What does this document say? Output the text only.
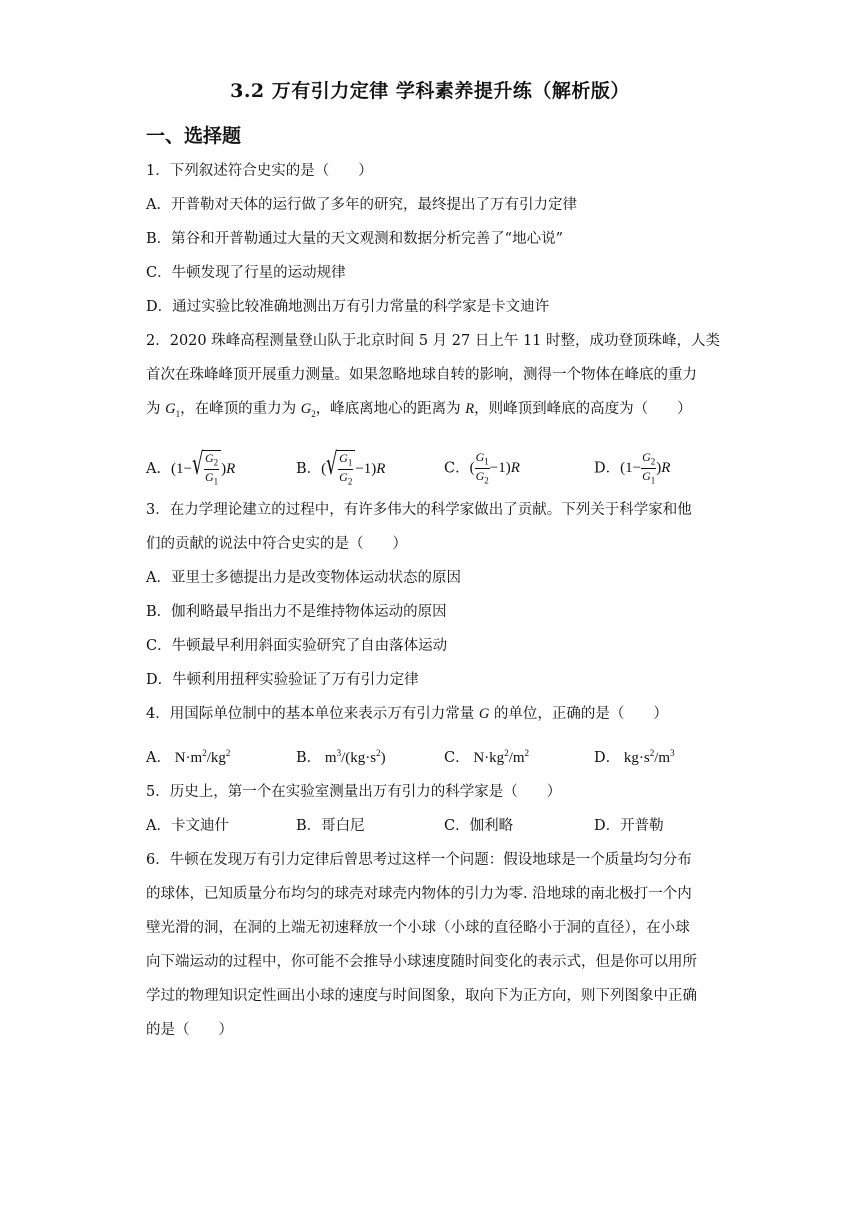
3.2 万有引力定律 学科素养提升练（解析版）
一、选择题
1．下列叙述符合史实的是（　　）
A．开普勒对天体的运行做了多年的研究，最终提出了万有引力定律
B．第谷和开普勒通过大量的天文观测和数据分析完善了“地心说”
C．牛顿发现了行星的运动规律
D．通过实验比较准确地测出万有引力常量的科学家是卡文迪许
2．2020 珠峰高程测量登山队于北京时间 5 月 27 日上午 11 时整，成功登顶珠峰，人类
首次在珠峰峰顶开展重力测量。如果忽略地球自转的影响，测得一个物体在峰底的重力
为 $G_1$，在峰顶的重力为 $G_2$，峰底离地心的距离为 R，则峰顶到峰底的高度为（　　）
A．(1− √ $\frac{G_2}{G_1} )R$	B．( √ $\frac{G_1}{G_2} -1)R$	C．( $\frac{G_1}{G_2} -1)R$	D．$(1- \frac{G_2}{G_1} )R$
3．在力学理论建立的过程中，有许多伟大的科学家做出了贡献。下列关于科学家和他
们的贡献的说法中符合史实的是（　　）
A．亚里士多德提出力是改变物体运动状态的原因
B．伽利略最早指出力不是维持物体运动的原因
C．牛顿最早利用斜面实验研究了自由落体运动
D．牛顿利用扭秤实验验证了万有引力定律
4．用国际单位制中的基本单位来表示万有引力常量 G 的单位，正确的是（　　）
A． $N\cdot m^2/kg^2$	B． $m^3/(kg\cdot s^2)$	C． $N\cdot kg^2/m^2$	D． $kg\cdot s^2/m^3$
5．历史上，第一个在实验室测量出万有引力的科学家是（　　）
A．卡文迪什	B．哥白尼	C．伽利略	D．开普勒
6．牛顿在发现万有引力定律后曾思考过这样一个问题：假设地球是一个质量均匀分布
的球体，已知质量分布均匀的球壳对球壳内物体的引力为零. 沿地球的南北极打一个内
壁光滑的洞，在洞的上端无初速释放一个小球（小球的直径略小于洞的直径），在小球
向下端运动的过程中，你可能不会推导小球速度随时间变化的表示式，但是你可以用所
学过的物理知识定性画出小球的速度与时间图象，取向下为正方向，则下列图象中正确
的是（　　）
